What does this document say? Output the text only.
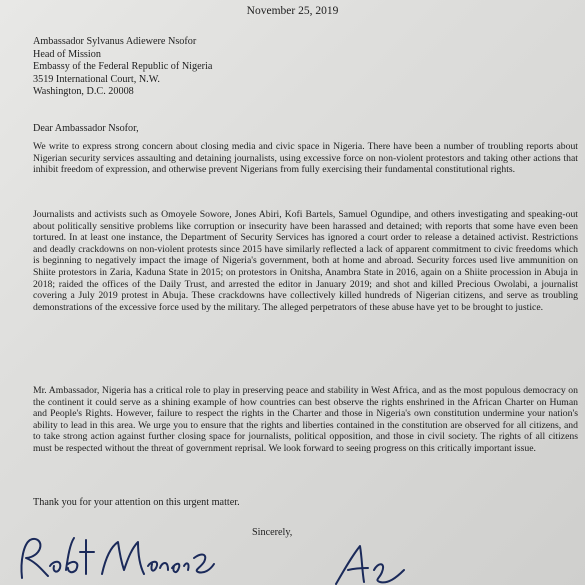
November 25, 2019
Ambassador Sylvanus Adiewere Nsofor
Head of Mission
Embassy of the Federal Republic of Nigeria
3519 International Court, N.W.
Washington, D.C. 20008
Dear Ambassador Nsofor,
We write to express strong concern about closing media and civic space in Nigeria. There have been a number of troubling reports about Nigerian security services assaulting and detaining journalists, using excessive force on non-violent protestors and taking other actions that inhibit freedom of expression, and otherwise prevent Nigerians from fully exercising their fundamental constitutional rights.
Journalists and activists such as Omoyele Sowore, Jones Abiri, Kofi Bartels, Samuel Ogundipe, and others investigating and speaking-out about politically sensitive problems like corruption or insecurity have been harassed and detained; with reports that some have even been tortured. In at least one instance, the Department of Security Services has ignored a court order to release a detained activist. Restrictions and deadly crackdowns on non-violent protests since 2015 have similarly reflected a lack of apparent commitment to civic freedoms which is beginning to negatively impact the image of Nigeria's government, both at home and abroad. Security forces used live ammunition on Shiite protestors in Zaria, Kaduna State in 2015; on protestors in Onitsha, Anambra State in 2016, again on a Shiite procession in Abuja in 2018; raided the offices of the Daily Trust, and arrested the editor in January 2019; and shot and killed Precious Owolabi, a journalist covering a July 2019 protest in Abuja. These crackdowns have collectively killed hundreds of Nigerian citizens, and serve as troubling demonstrations of the excessive force used by the military. The alleged perpetrators of these abuse have yet to be brought to justice.
Mr. Ambassador, Nigeria has a critical role to play in preserving peace and stability in West Africa, and as the most populous democracy on the continent it could serve as a shining example of how countries can best observe the rights enshrined in the African Charter on Human and People's Rights. However, failure to respect the rights in the Charter and those in Nigeria's own constitution undermine your nation's ability to lead in this area. We urge you to ensure that the rights and liberties contained in the constitution are observed for all citizens, and to take strong action against further closing space for journalists, political opposition, and those in civil society. The rights of all citizens must be respected without the threat of government reprisal. We look forward to seeing progress on this critically important issue.
Thank you for your attention on this urgent matter.
Sincerely,
